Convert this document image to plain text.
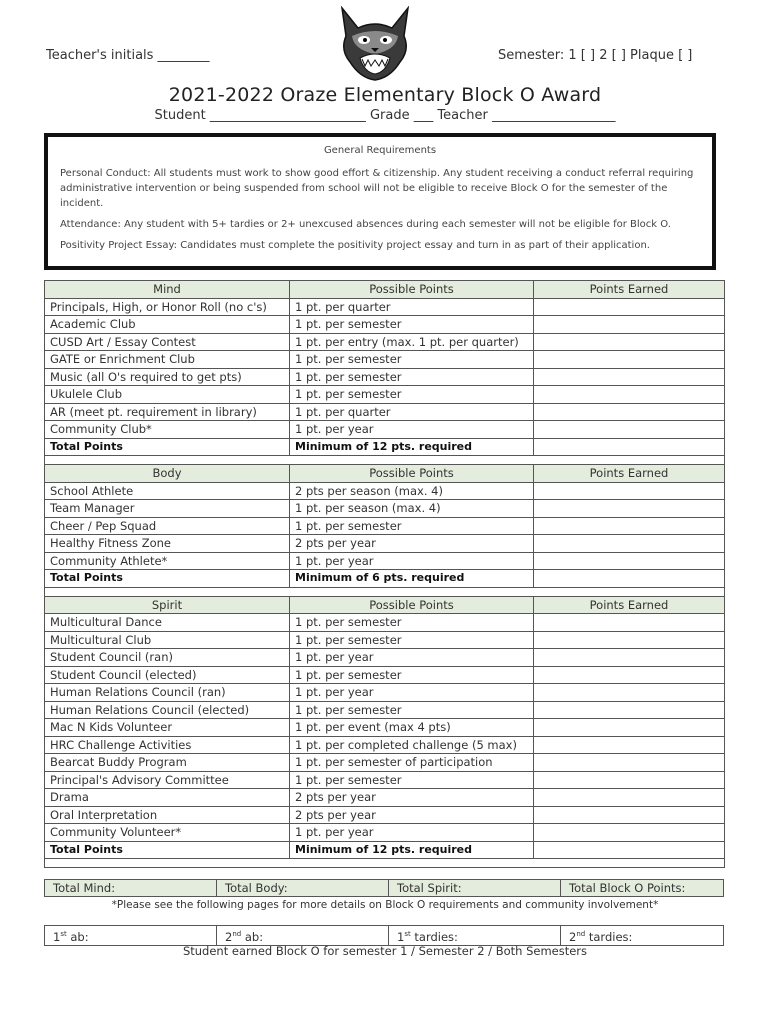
Teacher's initials ________	Semester: 1 [ ] 2 [ ] Plaque [ ]
2021-2022 Oraze Elementary Block O Award
Student ________________________ Grade ___ Teacher ___________________
General Requirements

Personal Conduct: All students must work to show good effort & citizenship. Any student receiving a conduct referral requiring administrative intervention or being suspended from school will not be eligible to receive Block O for the semester of the incident.

Attendance: Any student with 5+ tardies or 2+ unexcused absences during each semester will not be eligible for Block O.

Positivity Project Essay: Candidates must complete the positivity project essay and turn in as part of their application.

Mind	Possible Points	Points Earned
Principals, High, or Honor Roll (no c's)	1 pt. per quarter	
Academic Club	1 pt. per semester	
CUSD Art / Essay Contest	1 pt. per entry (max. 1 pt. per quarter)	
GATE or Enrichment Club	1 pt. per semester	
Music (all O's required to get pts)	1 pt. per semester	
Ukulele Club	1 pt. per semester	
AR (meet pt. requirement in library)	1 pt. per quarter	
Community Club*	1 pt. per year	
Total Points	Minimum of 12 pts. required	

Body	Possible Points	Points Earned
School Athlete	2 pts per season (max. 4)	
Team Manager	1 pt. per season (max. 4)	
Cheer / Pep Squad	1 pt. per semester	
Healthy Fitness Zone	2 pts per year	
Community Athlete*	1 pt. per year	
Total Points	Minimum of 6 pts. required	

Spirit	Possible Points	Points Earned
Multicultural Dance	1 pt. per semester	
Multicultural Club	1 pt. per semester	
Student Council (ran)	1 pt. per year	
Student Council (elected)	1 pt. per semester	
Human Relations Council (ran)	1 pt. per year	
Human Relations Council (elected)	1 pt. per semester	
Mac N Kids Volunteer	1 pt. per event (max 4 pts)	
HRC Challenge Activities	1 pt. per completed challenge (5 max)	
Bearcat Buddy Program	1 pt. per semester of participation	
Principal's Advisory Committee	1 pt. per semester	
Drama	2 pts per year	
Oral Interpretation	2 pts per year	
Community Volunteer*	1 pt. per year	
Total Points	Minimum of 12 pts. required	

Total Mind:	Total Body:	Total Spirit:	Total Block O Points:
*Please see the following pages for more details on Block O requirements and community involvement*
1st ab:	2nd ab:	1st tardies:	2nd tardies:
Student earned Block O for semester 1 / Semester 2 / Both Semesters
